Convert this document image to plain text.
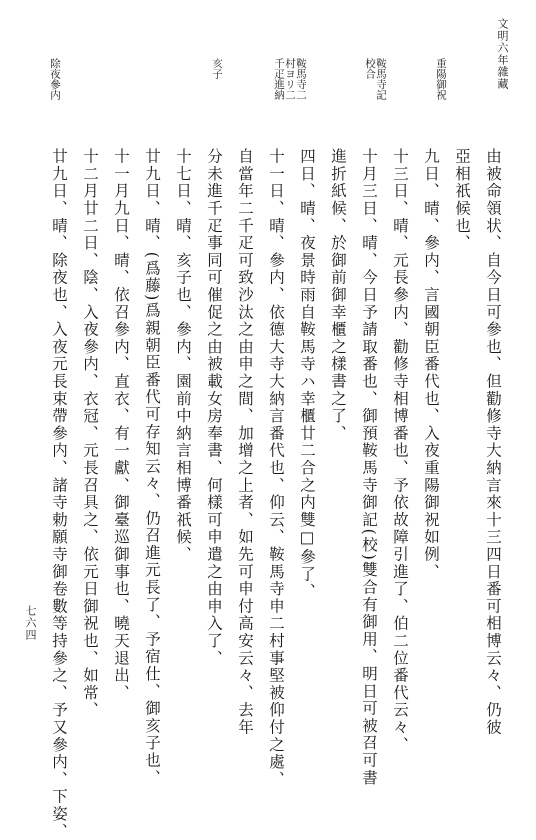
文明六年雜藏
七六四
重陽御祝
鞍馬寺記
校合
鞍馬寺二
村ヨリ二
千疋進納
亥子
除夜參内
由被命領状、自今日可參也、但勸修寺大納言來十三四日番可相博云々、仍彼
亞相祇候也、
九日、晴、參内、言國朝臣番代也、入夜重陽御祝如例、
十三日、晴、元長參内、勸修寺相博番也、予依故障引進了、伯二位番代云々、
十月三日、晴、今日予請取番也、御預鞍馬寺御記(校)雙合有御用、明日可被召可書
進折紙候、於御前御幸櫃之樣書之了、
四日、晴、夜景時雨自鞍馬寺ハ幸櫃廿二合之内雙□參了、
十一日、晴、參内、依德大寺大納言番代也、仰云、鞍馬寺申二村事堅被仰付之處、
自當年二千疋可致沙汰之由申之間、加增之上者、如先可申付高安云々、去年
分未進千疋事同可催促之由被載女房奉書、何樣可申遣之由申入了、
十七日、晴、亥子也、參内、園前中納言相博番祇候、
廿九日、晴、(爲藤)爲親朝臣番代可存知云々、仍召進元長了、予宿仕、御亥子也、
十一月九日、晴、依召參内、直衣、有一獻、御臺巡御事也、曉天退出、
十二月廿二日、陰、入夜參内、衣冠、元長召具之、依元日御祝也、如常、
廿九日、晴、除夜也、入夜元長束帶參内、諸寺勅願寺御卷數等持參之、予又參内、下姿、
